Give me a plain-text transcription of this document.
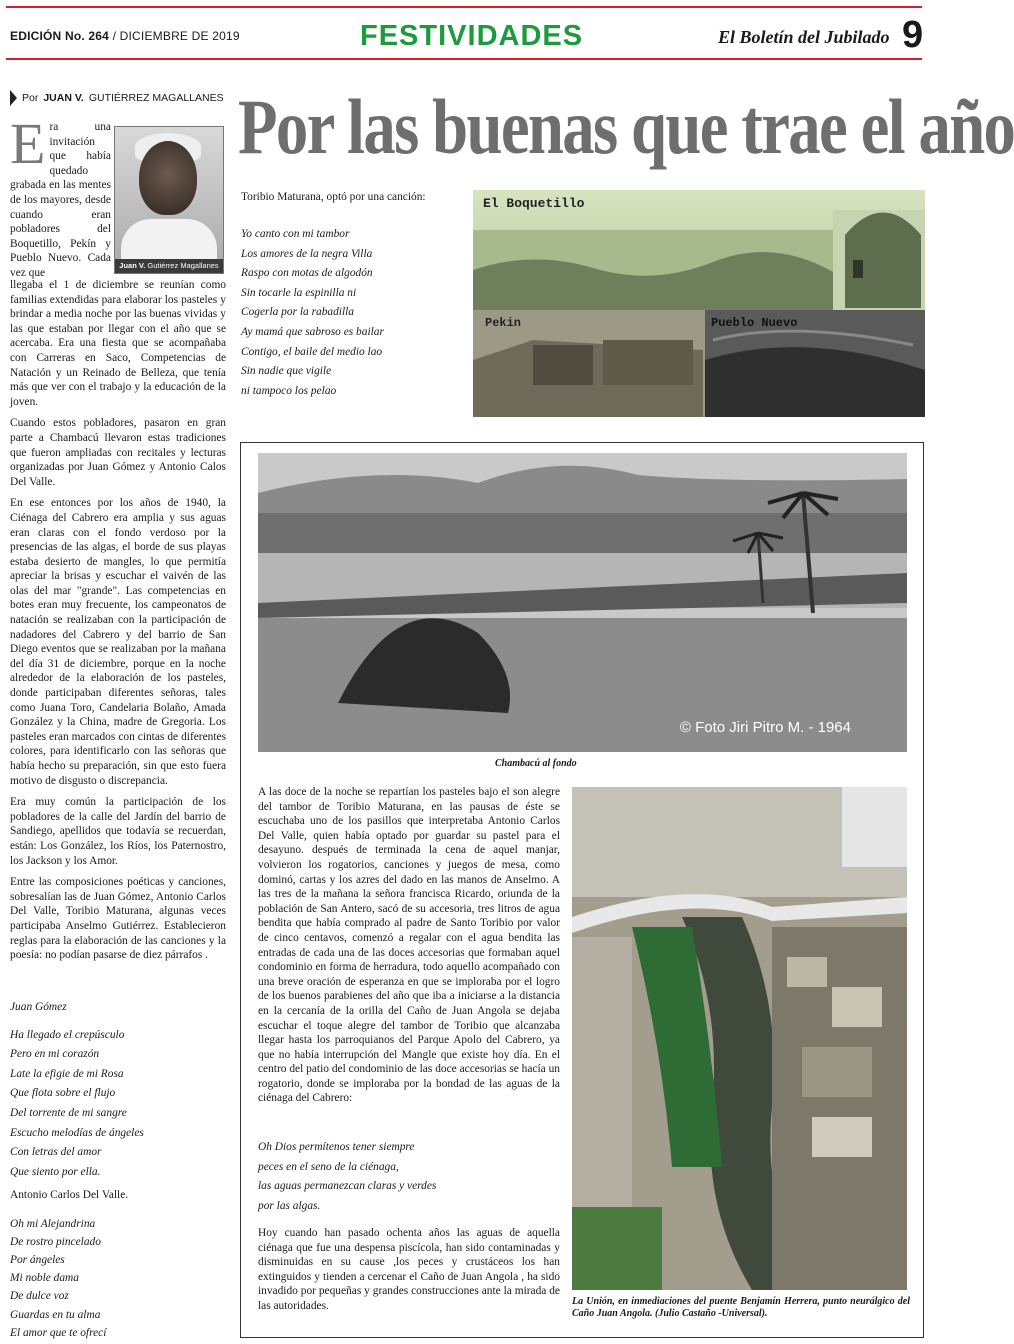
EDICIÓN No. 264 / DICIEMBRE DE 2019	FESTIVIDADES	El Boletín del Jubilado 9
Por JUAN V. GUTIÉRREZ MAGALLANES Por las buenas que trae el año
Juan V. Gutiérrez Magallanes
E ra una invitación que había quedado grabada en las mentes de los mayores, desde cuando eran pobladores del Boquetillo, Pekín y Pueblo Nuevo. Cada vez que

llegaba el 1 de diciembre se reunían como familias extendidas para elaborar los pasteles y brindar a media noche por las buenas vividas y las que estaban por llegar con el año que se acercaba. Era una fiesta que se acompañaba con Carreras en Saco, Competencias de Natación y un Reinado de Belleza, que tenía más que ver con el trabajo y la educación de la joven.

Cuando estos pobladores, pasaron en gran parte a Chambacú llevaron estas tradiciones que fueron ampliadas con recitales y lecturas organizadas por Juan Gómez y Antonio Calos Del Valle.

En ese entonces por los años de 1940, la Ciénaga del Cabrero era amplia y sus aguas eran claras con el fondo verdoso por la presencias de las algas, el borde de sus playas estaba desierto de mangles, lo que permitía apreciar la brisas y escuchar el vaivén de las olas del mar "grande". Las competencias en botes eran muy frecuente, los campeonatos de natación se realizaban con la participación de nadadores del Cabrero y del barrio de San Diego eventos que se realizaban por la mañana del día 31 de diciembre, porque en la noche alrededor de la elaboración de los pasteles, donde participaban diferentes señoras, tales como Juana Toro, Candelaria Bolaño, Amada González y la China, madre de Gregoria. Los pasteles eran marcados con cintas de diferentes colores, para identificarlo con las señoras que había hecho su preparación, sin que esto fuera motivo de disgusto o discrepancia.

Era muy común la participación de los pobladores de la calle del Jardín del barrio de Sandiego, apellidos que todavía se recuerdan, están: Los González, los Ríos, los Paternostro, los Jackson y los Amor.

Entre las composiciones poéticas y canciones, sobresalían las de Juan Gómez, Antonio Carlos Del Valle, Toribio Maturana, algunas veces participaba Anselmo Gutiérrez. Establecieron reglas para la elaboración de las canciones y la poesía: no podían pasarse de diez párrafos .

Juan Gómez
Ha llegado el crepúsculo
Pero en mi corazón
Late la efigie de mi Rosa
Que flota sobre el flujo
Del torrente de mi sangre
Escucho melodías de ángeles
Con letras del amor
Que siento por ella.
Antonio Carlos Del Valle.
Oh mi Alejandrina
De rostro pincelado
Por ángeles
Mi noble dama
De dulce voz
Guardas en tu alma
El amor que te ofrecí
Toribio Maturana, optó por una canción:
Yo canto con mi tambor
Los amores de la negra Villa
Raspo con motas de algodón
Sin tocarle la espinilla ni
Cogerla por la rabadilla
Ay mamá que sabroso es bailar
Contigo, el baile del medio lao
Sin nadie que vigile
ni tampoco los pelao
El Boquetillo
Pekin	Pueblo Nuevo
© Foto Jiri Pitro M. - 1964
Chambacú al fondo

A las doce de la noche se repartían los pasteles bajo el son alegre del tambor de Toribio Maturana, en las pausas de éste se escuchaba uno de los pasillos que interpretaba Antonio Carlos Del Valle, quien había optado por guardar su pastel para el desayuno. después de terminada la cena de aquel manjar, volvieron los rogatorios, canciones y juegos de mesa, como dominó, cartas y los azres del dado en las manos de Anselmo. A las tres de la mañana la señora francisca Ricardo, oriunda de la población de San Antero, sacó de su accesoria, tres litros de agua bendita que había comprado al padre de Santo Toribio por valor de cinco centavos, comenzó a regalar con el agua bendita las entradas de cada una de las doces accesorias que formaban aquel condominio en forma de herradura, todo aquello acompañado con una breve oración de esperanza en que se imploraba por el logro de los buenos parabienes del año que iba a iniciarse a la distancia en la cercanía de la orilla del Caño de Juan Angola se dejaba escuchar el toque alegre del tambor de Toribio que alcanzaba llegar hasta los parroquianos del Parque Apolo del Cabrero, ya que no había interrupción del Mangle que existe hoy día. En el centro del patio del condominio de las doce accesorias se hacía un rogatorio, donde se imploraba por la bondad de las aguas de la ciénaga del Cabrero:

Oh Dios permítenos tener siempre
peces en el seno de la ciénaga,
las aguas permanezcan claras y verdes
por las algas.

Hoy cuando han pasado ochenta años las aguas de aquella ciénaga que fue una despensa piscícola, han sido contaminadas y disminuidas en su cause ,los peces y crustáceos los han extinguidos y tienden a cercenar el Caño de Juan Angola , ha sido invadido por pequeñas y grandes construcciones ante la mirada de las autoridades.	La Unión, en inmediaciones del puente Benjamín Herrera, punto neurálgico del Caño Juan Angola. (Julio Castaño -Universal).
